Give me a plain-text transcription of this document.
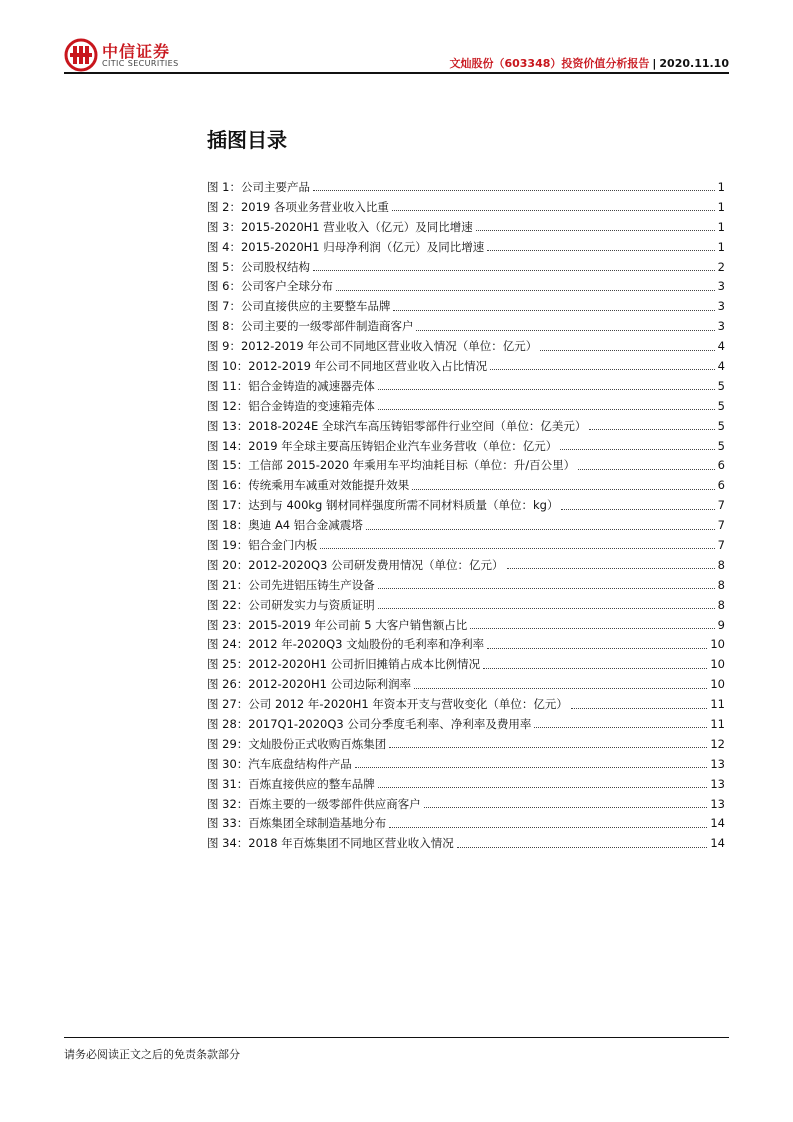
中信证券
CITIC SECURITIES	文灿股份（603348）投资价值分析报告 | 2020.11.10
插图目录
图 1：公司主要产品	1
图 2：2019 各项业务营业收入比重	1
图 3：2015-2020H1 营业收入（亿元）及同比增速	1
图 4：2015-2020H1 归母净利润（亿元）及同比增速	1
图 5：公司股权结构	2
图 6：公司客户全球分布	3
图 7：公司直接供应的主要整车品牌	3
图 8：公司主要的一级零部件制造商客户	3
图 9：2012-2019 年公司不同地区营业收入情况（单位：亿元）	4
图 10：2012-2019 年公司不同地区营业收入占比情况	4
图 11：铝合金铸造的减速器壳体	5
图 12：铝合金铸造的变速箱壳体	5
图 13：2018-2024E 全球汽车高压铸铝零部件行业空间（单位：亿美元）	5
图 14：2019 年全球主要高压铸铝企业汽车业务营收（单位：亿元）	5
图 15：工信部 2015-2020 年乘用车平均油耗目标（单位：升/百公里）	6
图 16：传统乘用车减重对效能提升效果	6
图 17：达到与 400kg 钢材同样强度所需不同材料质量（单位：kg）	7
图 18：奥迪 A4 铝合金减震塔	7
图 19：铝合金门内板	7
图 20：2012-2020Q3 公司研发费用情况（单位：亿元）	8
图 21：公司先进铝压铸生产设备	8
图 22：公司研发实力与资质证明	8
图 23：2015-2019 年公司前 5 大客户销售额占比	9
图 24：2012 年-2020Q3 文灿股份的毛利率和净利率	10
图 25：2012-2020H1 公司折旧摊销占成本比例情况	10
图 26：2012-2020H1 公司边际利润率	10
图 27：公司 2012 年-2020H1 年资本开支与营收变化（单位：亿元）	11
图 28：2017Q1-2020Q3 公司分季度毛利率、净利率及费用率	11
图 29：文灿股份正式收购百炼集团	12
图 30：汽车底盘结构件产品	13
图 31：百炼直接供应的整车品牌	13
图 32：百炼主要的一级零部件供应商客户	13
图 33：百炼集团全球制造基地分布	14
图 34：2018 年百炼集团不同地区营业收入情况	14
请务必阅读正文之后的免责条款部分
